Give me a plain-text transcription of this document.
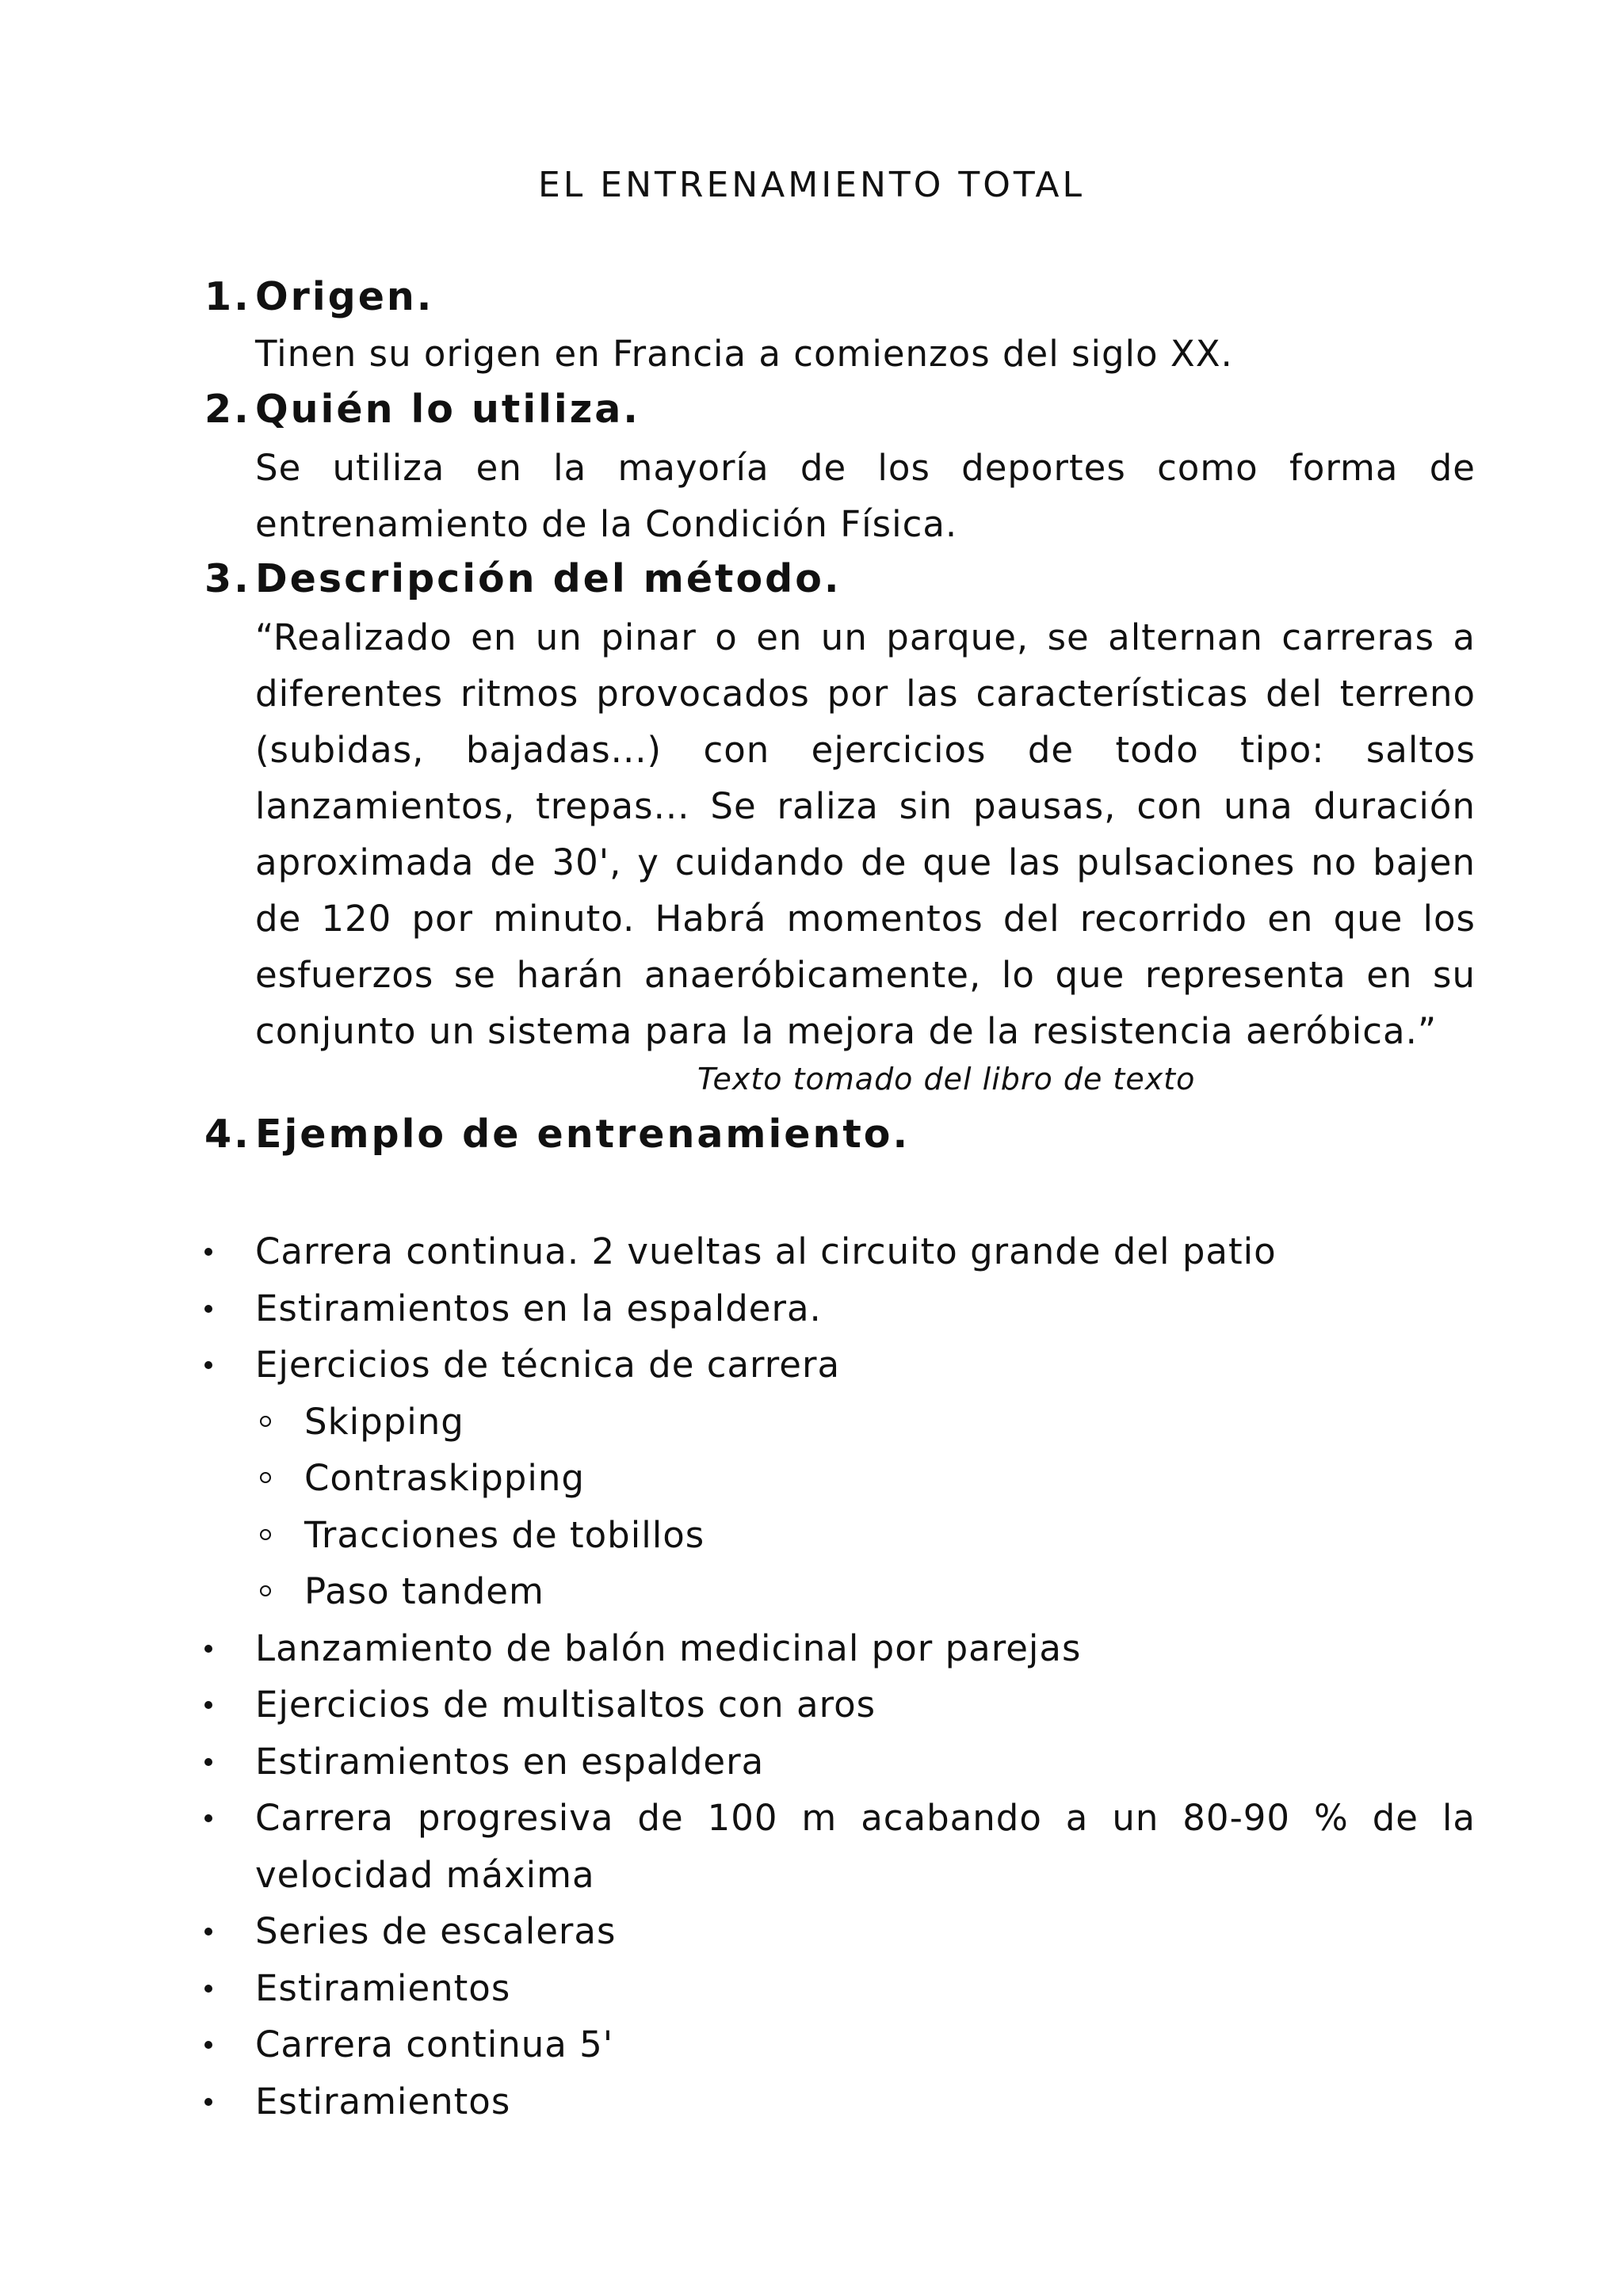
EL ENTRENAMIENTO TOTAL
1. Origen.
Tinen su origen en Francia a comienzos del siglo XX.
2. Quién lo utiliza.
Se utiliza en la mayoría de los deportes como forma de entrenamiento de la Condición Física.
3. Descripción del método.
“Realizado en un pinar o en un parque, se alternan carreras a diferentes ritmos provocados por las características del terreno (subidas, bajadas...) con ejercicios de todo tipo: saltos lanzamientos, trepas... Se raliza sin pausas, con una duración aproximada de 30', y cuidando de que las pulsaciones no bajen de 120 por minuto. Habrá momentos del recorrido en que los esfuerzos se harán anaeróbicamente, lo que representa en su conjunto un sistema para la mejora de la resistencia aeróbica.”
Texto tomado del libro de texto
4. Ejemplo de entrenamiento.
Carrera continua. 2 vueltas al circuito grande del patio
Estiramientos en la espaldera.
Ejercicios de técnica de carrera
Skipping
Contraskipping
Tracciones de tobillos
Paso tandem
Lanzamiento de balón medicinal por parejas
Ejercicios de multisaltos con aros
Estiramientos en espaldera
Carrera progresiva de 100 m acabando a un 80-90 % de la
velocidad máxima
Series de escaleras
Estiramientos
Carrera continua 5'
Estiramientos
